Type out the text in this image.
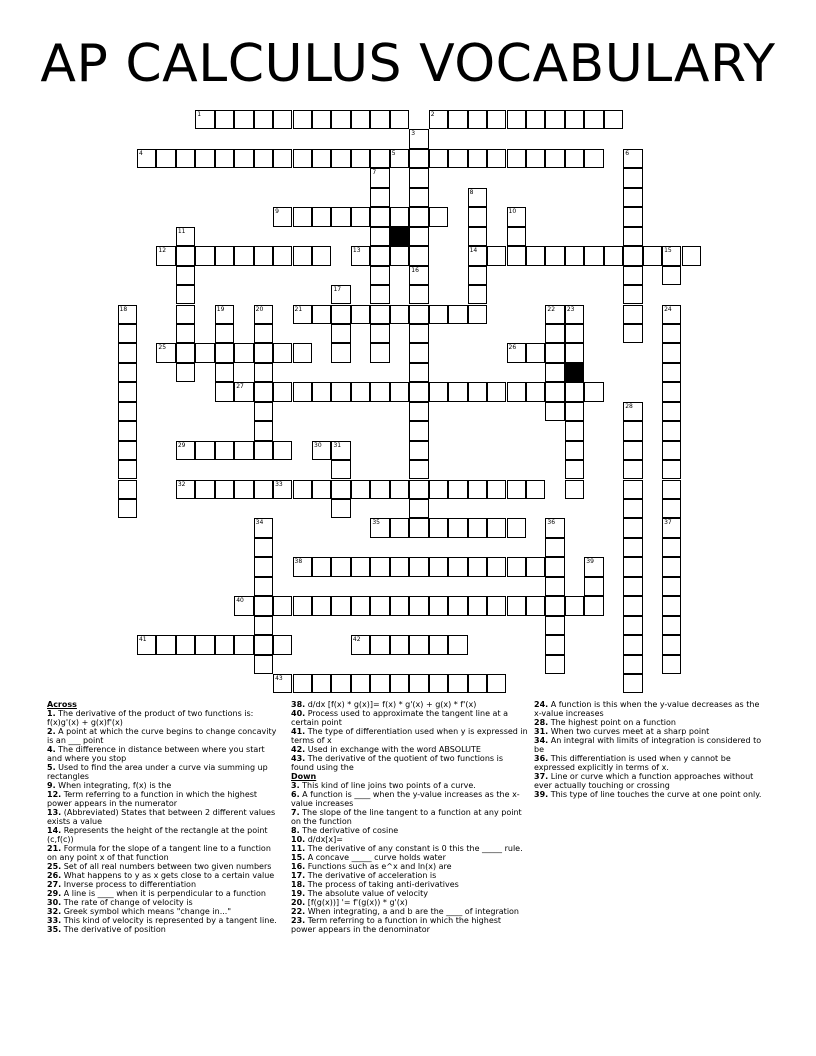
AP CALCULUS VOCABULARY
1	2
3
16
4	5	6
7
8
14
9	10
11
12	13	15
17
18	19	20	21	22 23	24
37
25	26
27
28
29	30 31
32	33
34	35	36
38	39
40
41	42
43
Across
1. The derivative of the product of two functions is: f(x)g'(x) + g(x)f'(x)
2. A point at which the curve begins to change concavity is an ___ point
4. The difference in distance between where you start and where you stop
5. Used to find the area under a curve via summing up rectangles
9. When integrating, f(x) is the
12. Term referring to a function in which the highest power appears in the numerator
13. (Abbreviated) States that between 2 different values exists a value
14. Represents the height of the rectangle at the point (c,f(c))
21. Formula for the slope of a tangent line to a function on any point x of that function
25. Set of all real numbers between two given numbers
26. What happens to y as x gets close to a certain value
27. Inverse process to differentiation
29. A line is ____ when it is perpendicular to a function
30. The rate of change of velocity is
32. Greek symbol which means "change in..."
33. This kind of velocity is represented by a tangent line.
35. The derivative of position
38. d/dx [f(x) * g(x)]= f(x) * g'(x) + g(x) * f'(x)
40. Process used to approximate the tangent line at a certain point
41. The type of differentiation used when y is expressed in terms of x
42. Used in exchange with the word ABSOLUTE
43. The derivative of the quotient of two functions is found using the
Down
3. This kind of line joins two points of a curve.
6. A function is ____ when the y-value increases as the x-value increases
7. The slope of the line tangent to a function at any point on the function
8. The derivative of cosine
10. d/dx[x]=
11. The derivative of any constant is 0 this the _____ rule.
15. A concave _____ curve holds water
16. Functions such as e^x and ln(x) are
17. The derivative of acceleration is
18. The process of taking anti-derivatives
19. The absolute value of velocity
20. [f(g(x))] '= f'(g(x)) * g'(x)
22. When integrating, a and b are the ____ of integration
23. Term referring to a function in which the highest power appears in the denominator
24. A function is this when the y-value decreases as the x-value increases
28. The highest point on a function
31. When two curves meet at a sharp point
34. An integral with limits of integration is considered to be
36. This differentiation is used when y cannot be expressed explicitly in terms of x.
37. Line or curve which a function approaches without ever actually touching or crossing
39. This type of line touches the curve at one point only.
